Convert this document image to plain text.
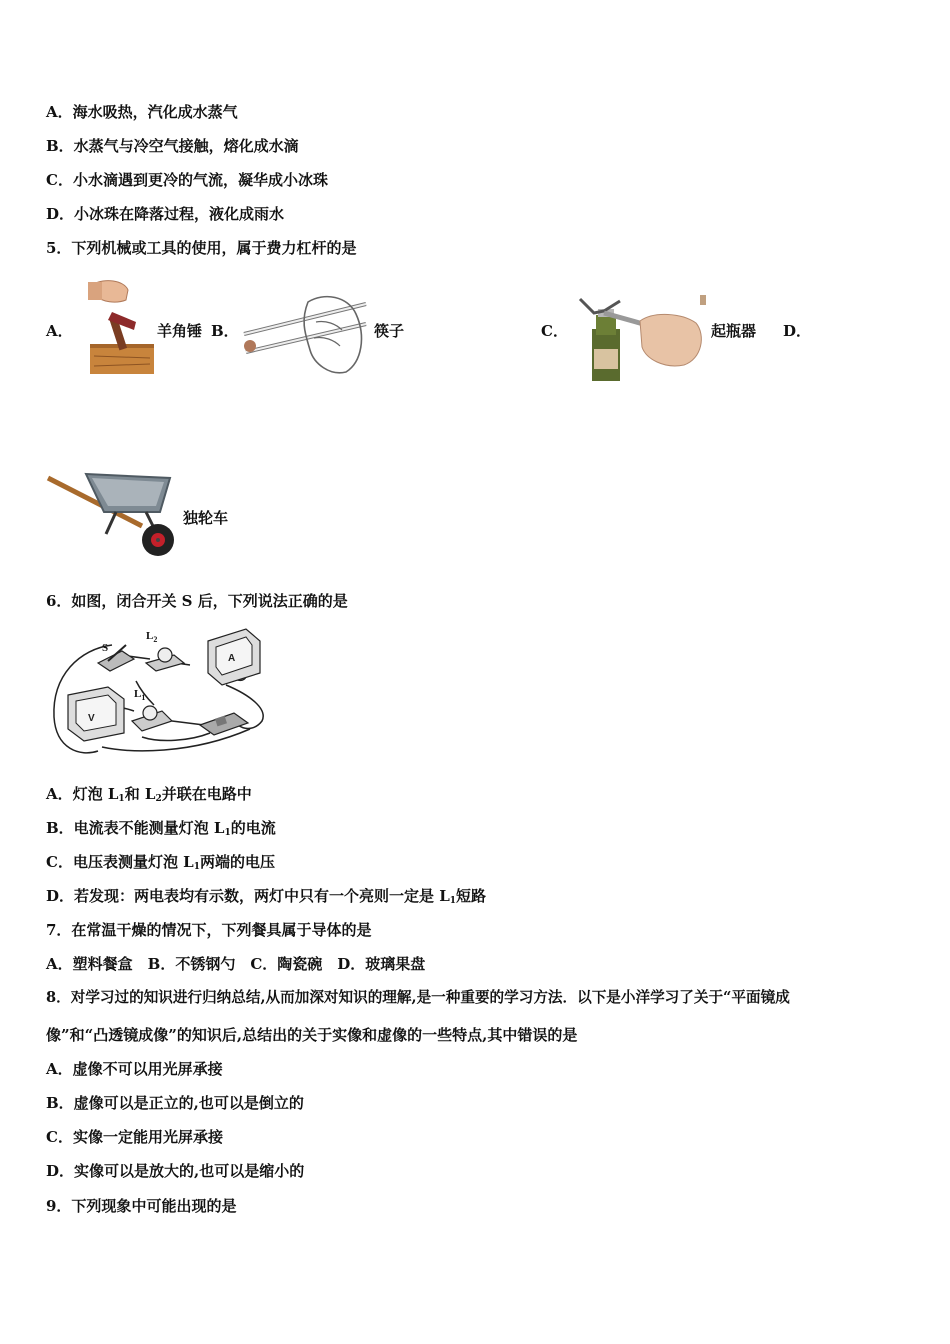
A．海水吸热，汽化成水蒸气
B．水蒸气与冷空气接触，熔化成水滴
C．小水滴遇到更冷的气流，凝华成小冰珠
D．小冰珠在降落过程，液化成雨水
5．下列机械或工具的使用，属于费力杠杆的是
A．	羊角锤 B．	筷子	C．	起瓶器 D．
独轮车
6．如图，闭合开关 S 后，下列说法正确的是
S
$L_2$
A
V
$L_1$
A．灯泡 $L_1$和 $L_2$并联在电路中
B．电流表不能测量灯泡 $L_1$的电流
C．电压表测量灯泡 $L_1$两端的电压
D．若发现：两电表均有示数，两灯中只有一个亮则一定是 $L_1$短路
7．在常温干燥的情况下，下列餐具属于导体的是
A．塑料餐盒　B．不锈钢勺　C．陶瓷碗　D．玻璃果盘
8．对学习过的知识进行归纳总结,从而加深对知识的理解,是一种重要的学习方法．以下是小洋学习了关于“平面镜成
像”和“凸透镜成像”的知识后,总结出的关于实像和虚像的一些特点,其中错误的是
A．虚像不可以用光屏承接
B．虚像可以是正立的,也可以是倒立的
C．实像一定能用光屏承接
D．实像可以是放大的,也可以是缩小的
9．下列现象中可能出现的是
